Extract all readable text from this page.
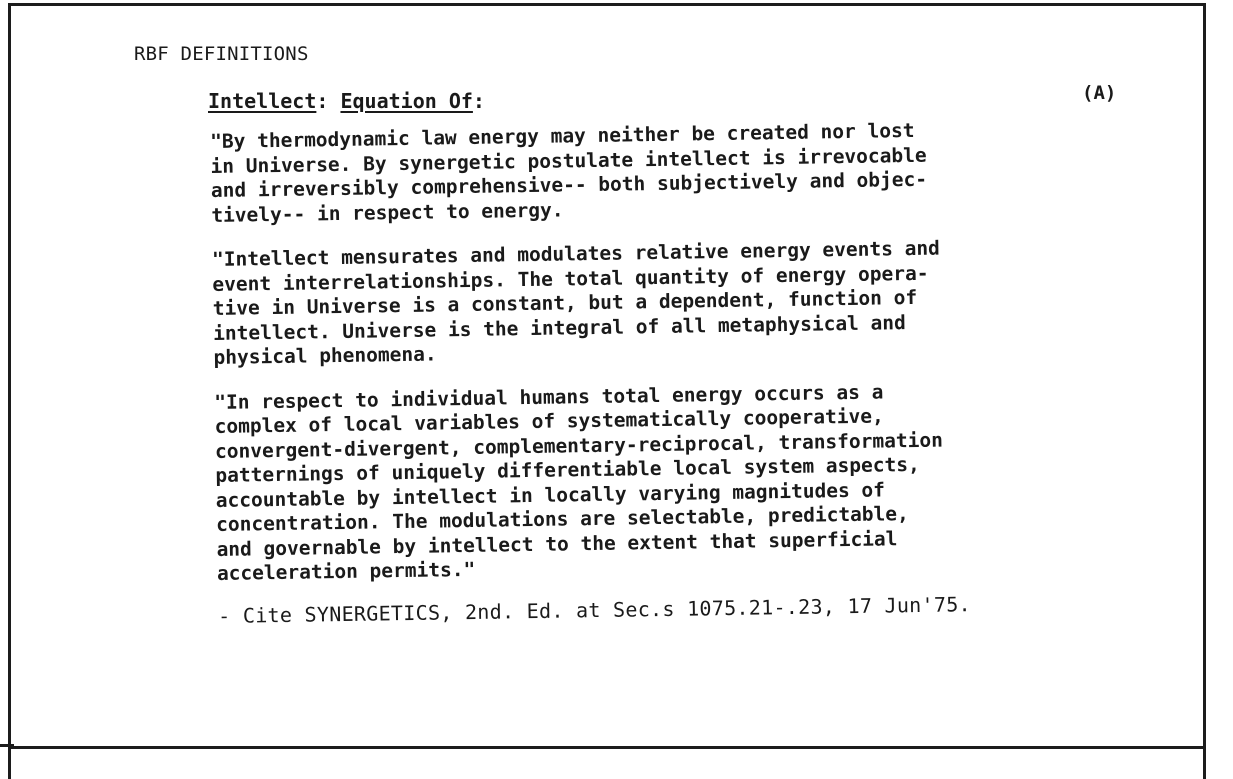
RBF DEFINITIONS
(A)
Intellect: Equation Of:

"By thermodynamic law energy may neither be created nor lost
in Universe. By synergetic postulate intellect is irrevocable
and irreversibly comprehensive-- both subjectively and objec-
tively-- in respect to energy.

"Intellect mensurates and modulates relative energy events and
event interrelationships. The total quantity of energy opera-
tive in Universe is a constant, but a dependent, function of
intellect. Universe is the integral of all metaphysical and
physical phenomena.

"In respect to individual humans total energy occurs as a
complex of local variables of systematically cooperative,
convergent-divergent, complementary-reciprocal, transformation
patternings of uniquely differentiable local system aspects,
accountable by intellect in locally varying magnitudes of
concentration. The modulations are selectable, predictable,
and governable by intellect to the extent that superficial
acceleration permits."

- Cite SYNERGETICS, 2nd. Ed. at Sec.s 1075.21-.23, 17 Jun'75.
